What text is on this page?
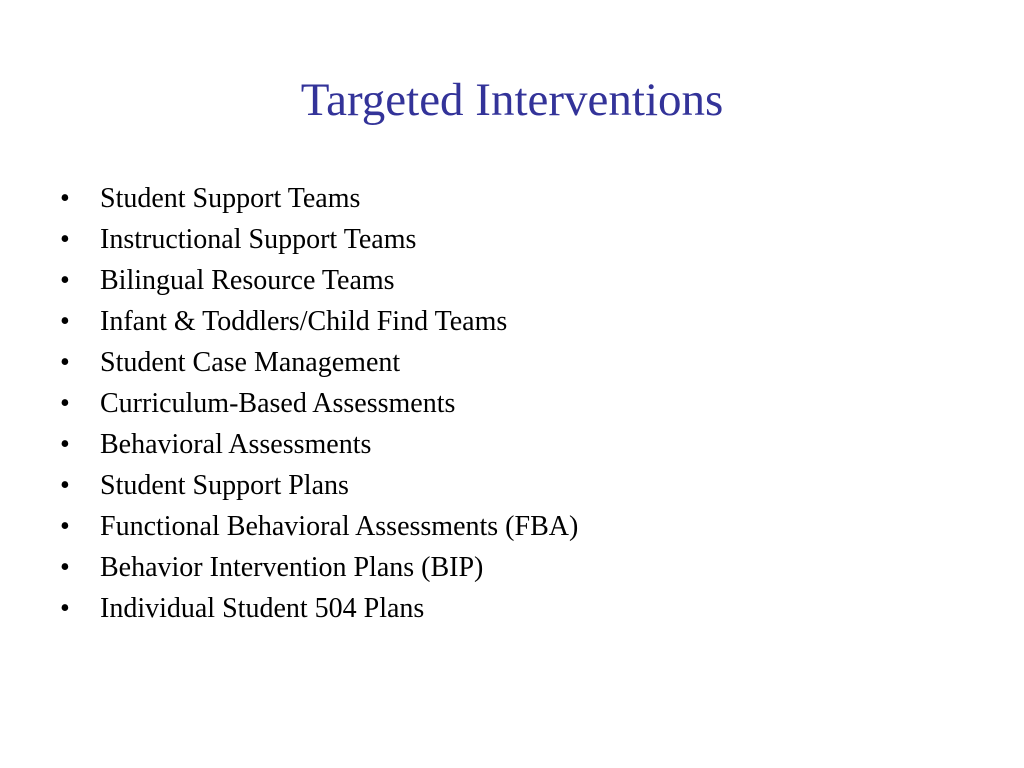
Targeted Interventions
•	Student Support Teams
•	Instructional Support Teams
•	Bilingual Resource Teams
•	Infant & Toddlers/Child Find Teams
•	Student Case Management
•	Curriculum-Based Assessments
•	Behavioral Assessments
•	Student Support Plans
•	Functional Behavioral Assessments (FBA)
•	Behavior Intervention Plans (BIP)
•	Individual Student 504 Plans
